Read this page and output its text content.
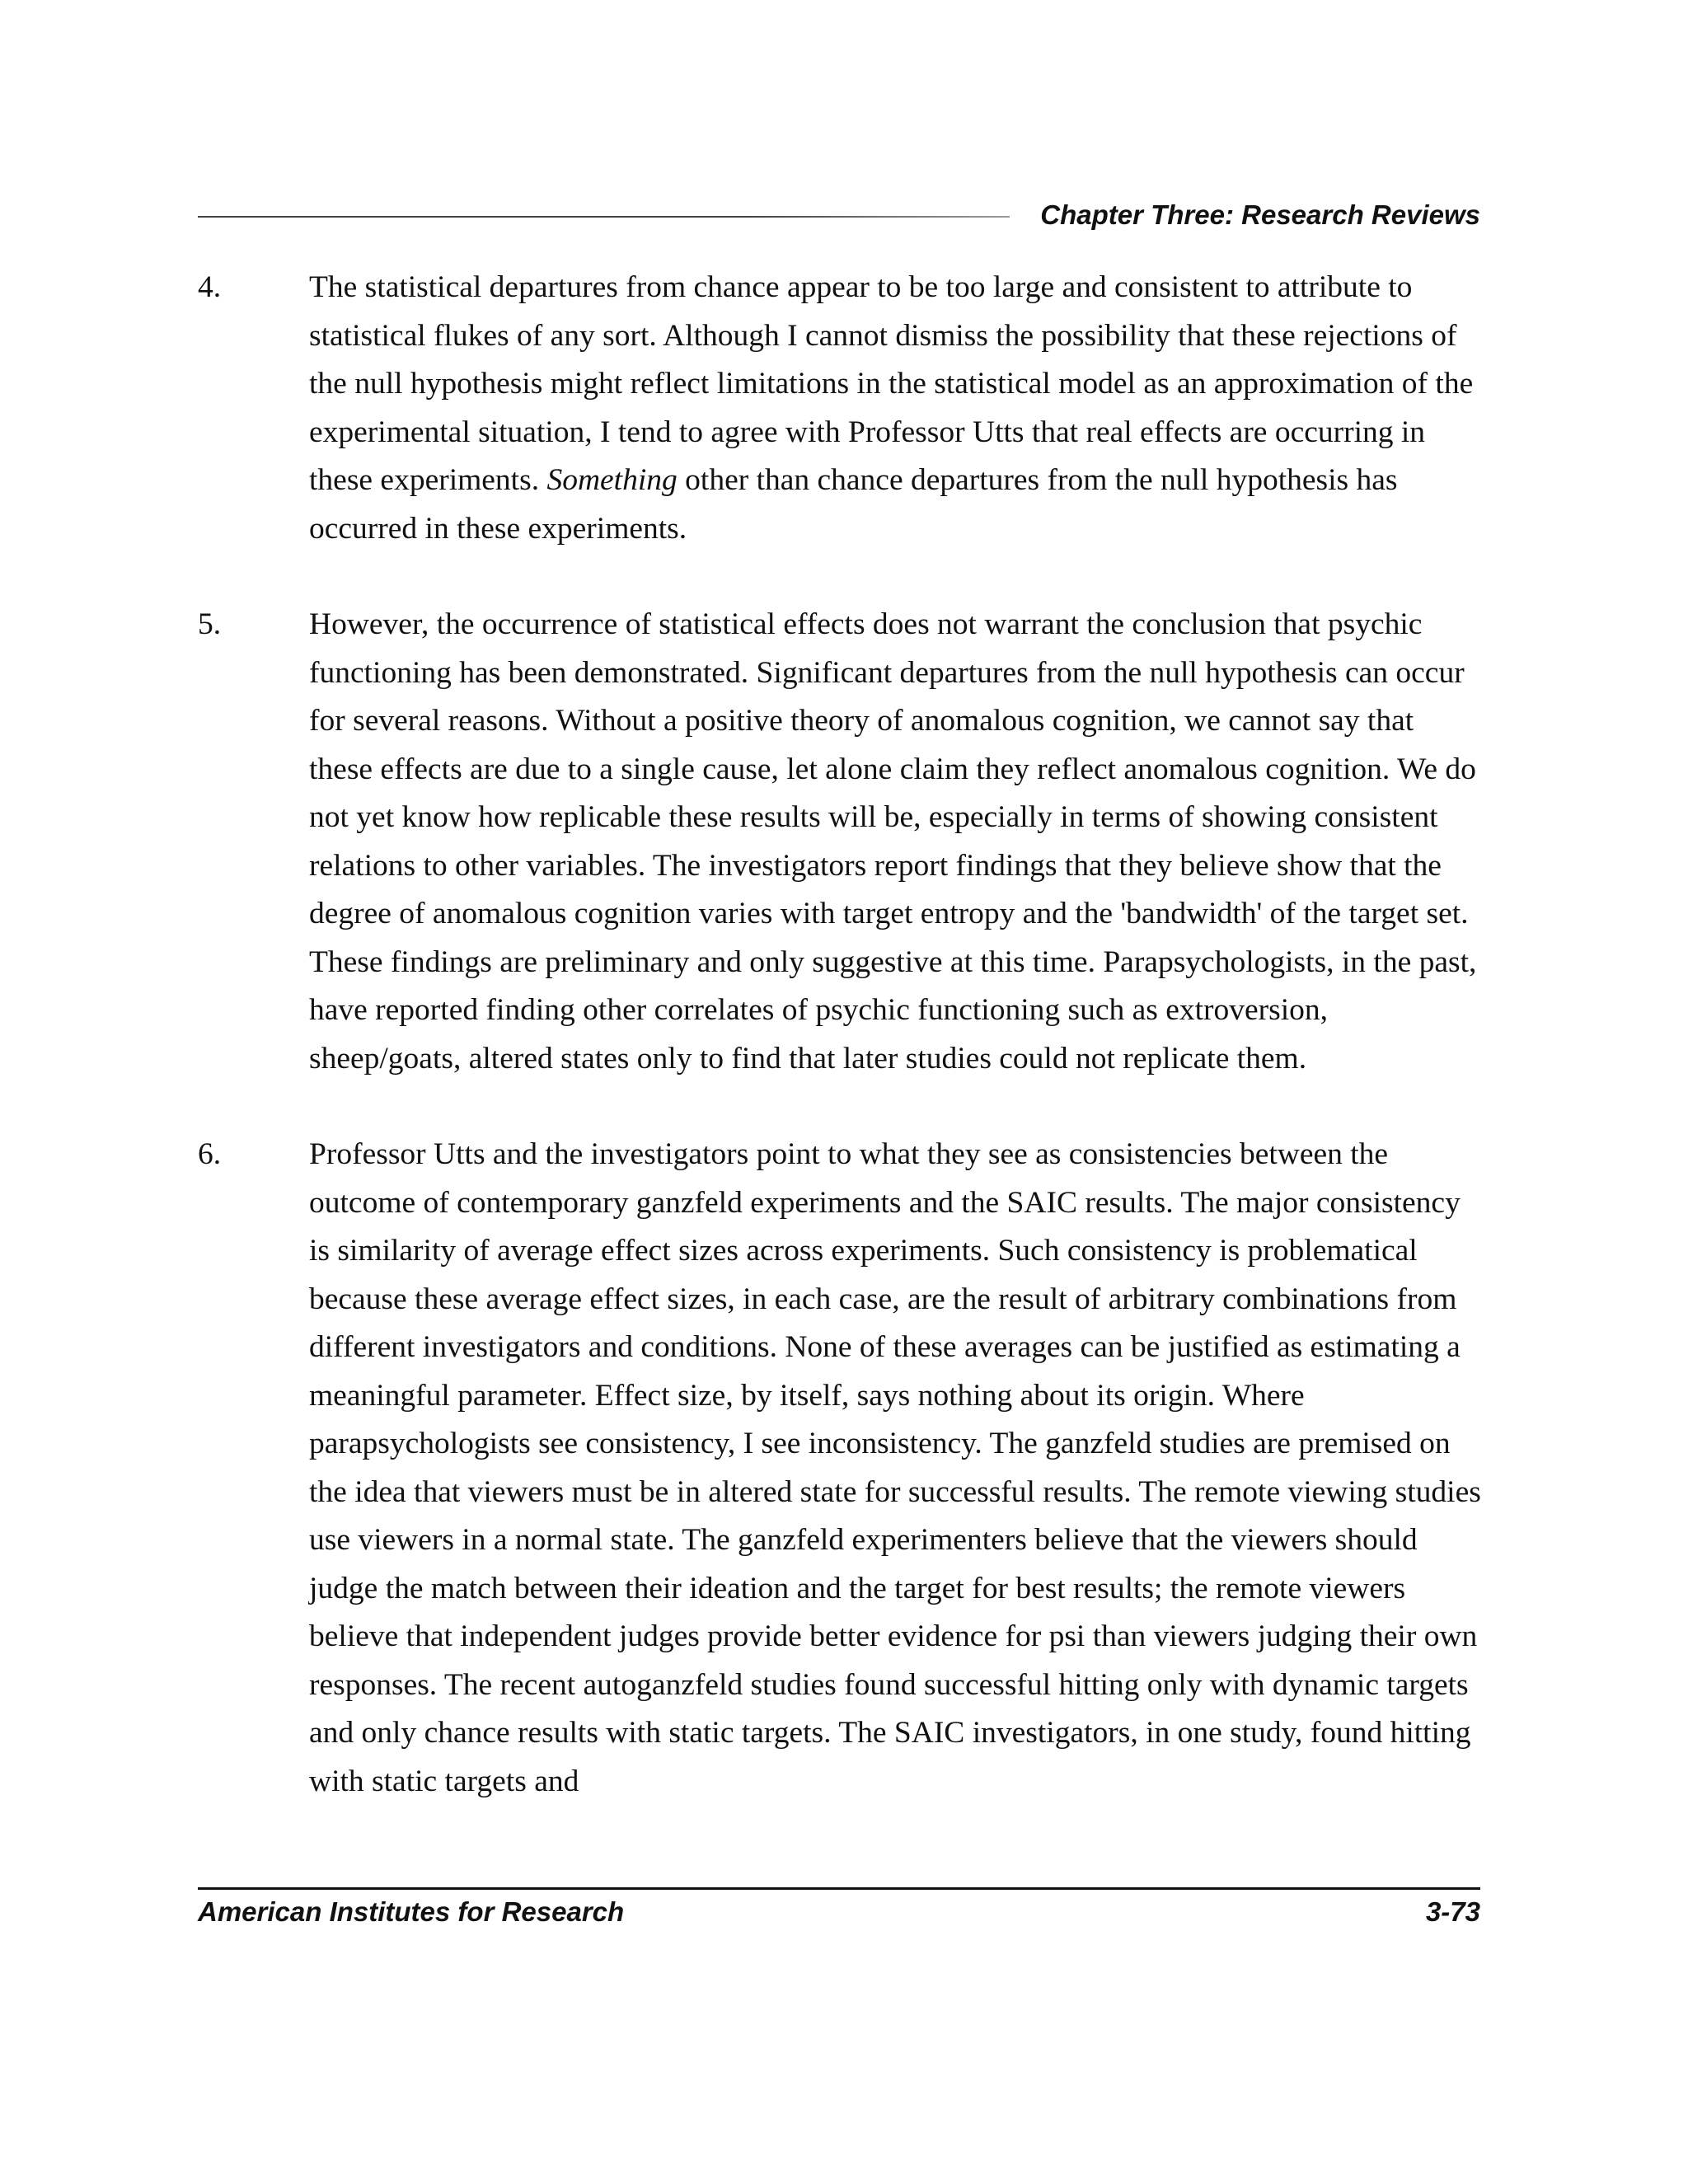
Chapter Three: Research Reviews
4.	The statistical departures from chance appear to be too large and consistent to attribute to statistical flukes of any sort. Although I cannot dismiss the possibility that these rejections of the null hypothesis might reflect limitations in the statistical model as an approximation of the experimental situation, I tend to agree with Professor Utts that real effects are occurring in these experiments. Something other than chance departures from the null hypothesis has occurred in these experiments.
5.	However, the occurrence of statistical effects does not warrant the conclusion that psychic functioning has been demonstrated. Significant departures from the null hypothesis can occur for several reasons. Without a positive theory of anomalous cognition, we cannot say that these effects are due to a single cause, let alone claim they reflect anomalous cognition. We do not yet know how replicable these results will be, especially in terms of showing consistent relations to other variables. The investigators report findings that they believe show that the degree of anomalous cognition varies with target entropy and the 'bandwidth' of the target set. These findings are preliminary and only suggestive at this time. Parapsychologists, in the past, have reported finding other correlates of psychic functioning such as extroversion, sheep/goats, altered states only to find that later studies could not replicate them.
6.	Professor Utts and the investigators point to what they see as consistencies between the outcome of contemporary ganzfeld experiments and the SAIC results. The major consistency is similarity of average effect sizes across experiments. Such consistency is problematical because these average effect sizes, in each case, are the result of arbitrary combinations from different investigators and conditions. None of these averages can be justified as estimating a meaningful parameter. Effect size, by itself, says nothing about its origin. Where parapsychologists see consistency, I see inconsistency. The ganzfeld studies are premised on the idea that viewers must be in altered state for successful results. The remote viewing studies use viewers in a normal state. The ganzfeld experimenters believe that the viewers should judge the match between their ideation and the target for best results; the remote viewers believe that independent judges provide better evidence for psi than viewers judging their own responses. The recent autoganzfeld studies found successful hitting only with dynamic targets and only chance results with static targets. The SAIC investigators, in one study, found hitting with static targets and
American Institutes for Research	3-73
